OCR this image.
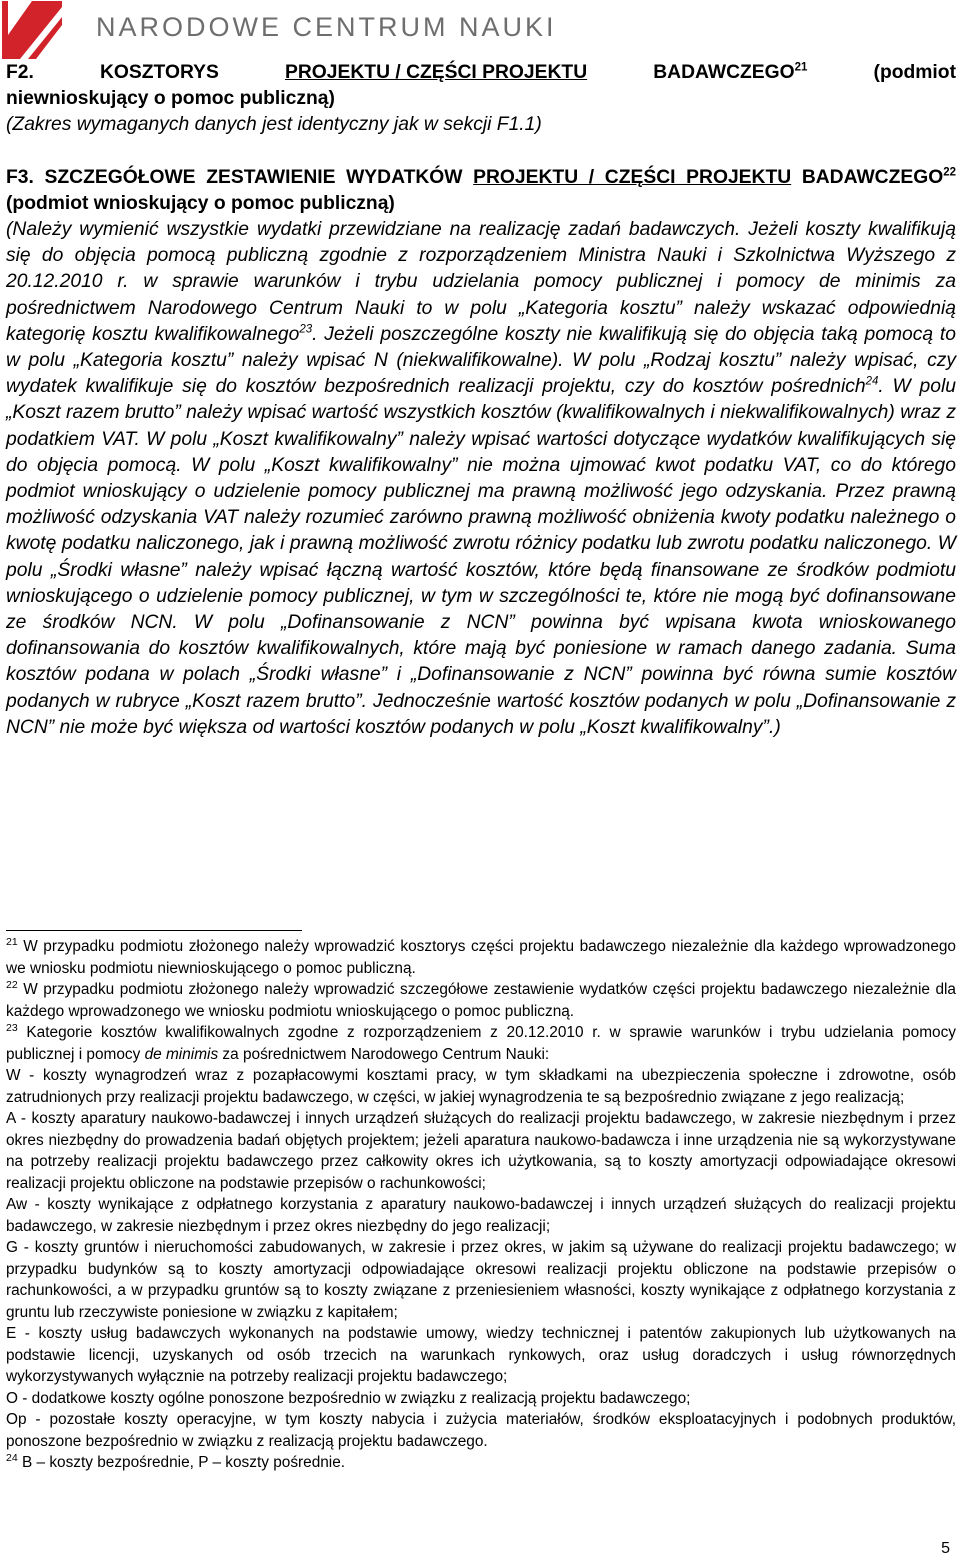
NARODOWE CENTRUM NAUKI
F2.	KOSZTORYS	PROJEKTU / CZĘŚCI PROJEKTU	BADAWCZEGO$^{21}$	(podmiot
niewnioskujący o pomoc publiczną)
(Zakres wymaganych danych jest identyczny jak w sekcji F1.1)
F3. SZCZEGÓŁOWE ZESTAWIENIE WYDATKÓW PROJEKTU / CZĘŚCI PROJEKTU BADAWCZEGO$^{22}$ (podmiot wnioskujący o pomoc publiczną)
(Należy wymienić wszystkie wydatki przewidziane na realizację zadań badawczych. Jeżeli koszty kwalifikują się do objęcia pomocą publiczną zgodnie z rozporządzeniem Ministra Nauki i Szkolnictwa Wyższego z 20.12.2010 r. w sprawie warunków i trybu udzielania pomocy publicznej i pomocy de minimis za pośrednictwem Narodowego Centrum Nauki to w polu „Kategoria kosztu” należy wskazać odpowiednią kategorię kosztu kwalifikowalnego$^{23}$. Jeżeli poszczególne koszty nie kwalifikują się do objęcia taką pomocą to w polu „Kategoria kosztu” należy wpisać N (niekwalifikowalne). W polu „Rodzaj kosztu” należy wpisać, czy wydatek kwalifikuje się do kosztów bezpośrednich realizacji projektu, czy do kosztów pośrednich$^{24}$. W polu „Koszt razem brutto” należy wpisać wartość wszystkich kosztów (kwalifikowalnych i niekwalifikowalnych) wraz z podatkiem VAT. W polu „Koszt kwalifikowalny” należy wpisać wartości dotyczące wydatków kwalifikujących się do objęcia pomocą. W polu „Koszt kwalifikowalny” nie można ujmować kwot podatku VAT, co do którego podmiot wnioskujący o udzielenie pomocy publicznej ma prawną możliwość jego odzyskania. Przez prawną możliwość odzyskania VAT należy rozumieć zarówno prawną możliwość obniżenia kwoty podatku należnego o kwotę podatku naliczonego, jak i prawną możliwość zwrotu różnicy podatku lub zwrotu podatku naliczonego. W polu „Środki własne” należy wpisać łączną wartość kosztów, które będą finansowane ze środków podmiotu wnioskującego o udzielenie pomocy publicznej, w tym w szczególności te, które nie mogą być dofinansowane ze środków NCN. W polu „Dofinansowanie z NCN” powinna być wpisana kwota wnioskowanego dofinansowania do kosztów kwalifikowalnych, które mają być poniesione w ramach danego zadania. Suma kosztów podana w polach „Środki własne” i „Dofinansowanie z NCN” powinna być równa sumie kosztów podanych w rubryce „Koszt razem brutto”. Jednocześnie wartość kosztów podanych w polu „Dofinansowanie z NCN” nie może być większa od wartości kosztów podanych w polu „Koszt kwalifikowalny”.)
$^{21}$ W przypadku podmiotu złożonego należy wprowadzić kosztorys części projektu badawczego niezależnie dla każdego wprowadzonego we wniosku podmiotu niewnioskującego o pomoc publiczną.
$^{22}$ W przypadku podmiotu złożonego należy wprowadzić szczegółowe zestawienie wydatków części projektu badawczego niezależnie dla każdego wprowadzonego we wniosku podmiotu wnioskującego o pomoc publiczną.
$^{23}$ Kategorie kosztów kwalifikowalnych zgodne z rozporządzeniem z 20.12.2010 r. w sprawie warunków i trybu udzielania pomocy publicznej i pomocy de minimis za pośrednictwem Narodowego Centrum Nauki:
W - koszty wynagrodzeń wraz z pozapłacowymi kosztami pracy, w tym składkami na ubezpieczenia społeczne i zdrowotne, osób zatrudnionych przy realizacji projektu badawczego, w części, w jakiej wynagrodzenia te są bezpośrednio związane z jego realizacją;
A - koszty aparatury naukowo-badawczej i innych urządzeń służących do realizacji projektu badawczego, w zakresie niezbędnym i przez okres niezbędny do prowadzenia badań objętych projektem; jeżeli aparatura naukowo-badawcza i inne urządzenia nie są wykorzystywane na potrzeby realizacji projektu badawczego przez całkowity okres ich użytkowania, są to koszty amortyzacji odpowiadające okresowi realizacji projektu obliczone na podstawie przepisów o rachunkowości;
Aw - koszty wynikające z odpłatnego korzystania z aparatury naukowo-badawczej i innych urządzeń służących do realizacji projektu badawczego, w zakresie niezbędnym i przez okres niezbędny do jego realizacji;
G - koszty gruntów i nieruchomości zabudowanych, w zakresie i przez okres, w jakim są używane do realizacji projektu badawczego; w przypadku budynków są to koszty amortyzacji odpowiadające okresowi realizacji projektu obliczone na podstawie przepisów o rachunkowości, a w przypadku gruntów są to koszty związane z przeniesieniem własności, koszty wynikające z odpłatnego korzystania z gruntu lub rzeczywiste poniesione w związku z kapitałem;
E - koszty usług badawczych wykonanych na podstawie umowy, wiedzy technicznej i patentów zakupionych lub użytkowanych na podstawie licencji, uzyskanych od osób trzecich na warunkach rynkowych, oraz usług doradczych i usług równorzędnych wykorzystywanych wyłącznie na potrzeby realizacji projektu badawczego;
O - dodatkowe koszty ogólne ponoszone bezpośrednio w związku z realizacją projektu badawczego;
Op - pozostałe koszty operacyjne, w tym koszty nabycia i zużycia materiałów, środków eksploatacyjnych i podobnych produktów, ponoszone bezpośrednio w związku z realizacją projektu badawczego.
$^{24}$ B – koszty bezpośrednie, P – koszty pośrednie.
5
